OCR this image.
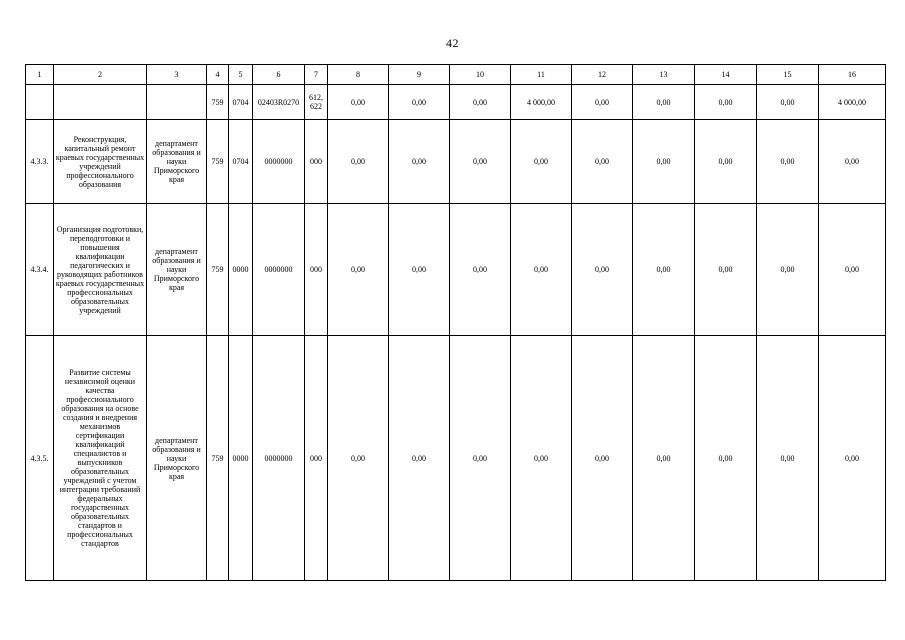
42
1	2	3	4	5	6	7	8	9	10	11	12	13	14	15	16
			759	0704	02403R0270	612, 622	0,00	0,00	0,00	4 000,00	0,00	0,00	0,00	0,00	4 000,00
4.3.3.	Реконструкция, капитальный ремонт краевых государственных учреждений профессионального образования	департамент образования и науки Приморского края	759	0704	0000000	000	0,00	0,00	0,00	0,00	0,00	0,00	0,00	0,00	0,00
4.3.4.	Организация подготовки, переподготовки и повышения квалификации педагогических и руководящих работников краевых государственных профессиональных образовательных учреждений	департамент образования и науки Приморского края	759	0000	0000000	000	0,00	0,00	0,00	0,00	0,00	0,00	0,00	0,00	0,00
4.3.5.	Развитие системы независимой оценки качества профессионального образования на основе создания и внедрения механизмов сертификации квалификаций специалистов и выпускников образовательных учреждений с учетом интеграции требований федеральных государственных образовательных стандартов и профессиональных стандартов	департамент образования и науки Приморского края	759	0000	0000000	000	0,00	0,00	0,00	0,00	0,00	0,00	0,00	0,00	0,00
